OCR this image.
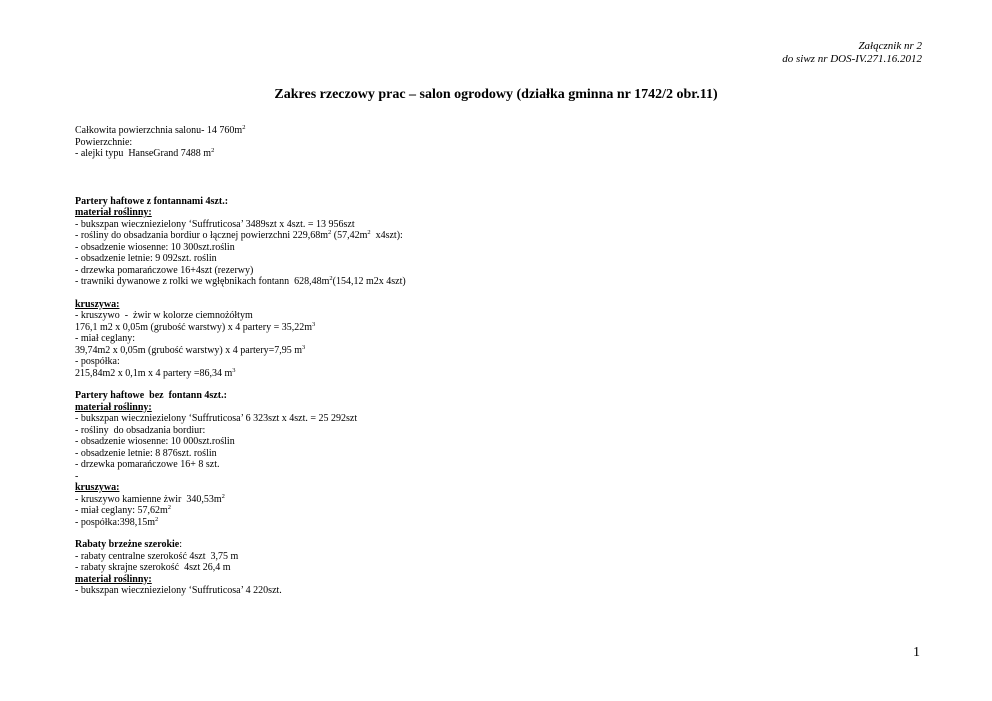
Załącznik nr 2
do siwz nr DOS-IV.271.16.2012
Zakres rzeczowy prac – salon ogrodowy (działka gminna nr 1742/2 obr.11)
Całkowita powierzchnia salonu- 14 $760m^2$
Powierzchnie:
- alejki typu  HanseGrand 7488 $m^2$
Partery haftowe z fontannami 4szt.:
materiał roślinny:
- bukszpan wieczniezielony ‘Suffruticosa’ 3489szt x 4szt. = 13 956szt
- rośliny do obsadzania bordiur o łącznej powierzchni $229,68m^2$ ($57,42m^2$  x4szt):
- obsadzenie wiosenne: 10 300szt.roślin
- obsadzenie letnie: 9 092szt. roślin
- drzewka pomarańczowe 16+4szt (rezerwy)
- trawniki dywanowe z rolki we wgłębnikach fontann  $628,48m^2(154,12$ m2x 4szt)
kruszywa:
- kruszywo  -  żwir w kolorze ciemnożółtym
176,1 m2 x 0,05m (grubość warstwy) x 4 partery = $35,22m^3$
- miał ceglany:
39,74m2 x 0,05m (grubość warstwy) x 4 partery=7,95 $m^3$
- pospółka:
215,84m2 x 0,1m x 4 partery =86,34 $m^3$
Partery haftowe  bez  fontann 4szt.:
materiał roślinny:
- bukszpan wieczniezielony ‘Suffruticosa’ 6 323szt x 4szt. = 25 292szt
- rośliny  do obsadzania bordiur:
- obsadzenie wiosenne: 10 000szt.roślin
- obsadzenie letnie: 8 876szt. roślin
- drzewka pomarańczowe 16+ 8 szt.
-
kruszywa:
- kruszywo kamienne żwir  $340,53m^2$
- miał ceglany: $57,62m^2$
- $pospółka:398,15m^2$
Rabaty brzeżne szerokie:
- rabaty centralne szerokość 4szt  3,75 m
- rabaty skrajne szerokość  4szt 26,4 m
materiał roślinny:
- bukszpan wieczniezielony ‘Suffruticosa’ 4 220szt.
1
